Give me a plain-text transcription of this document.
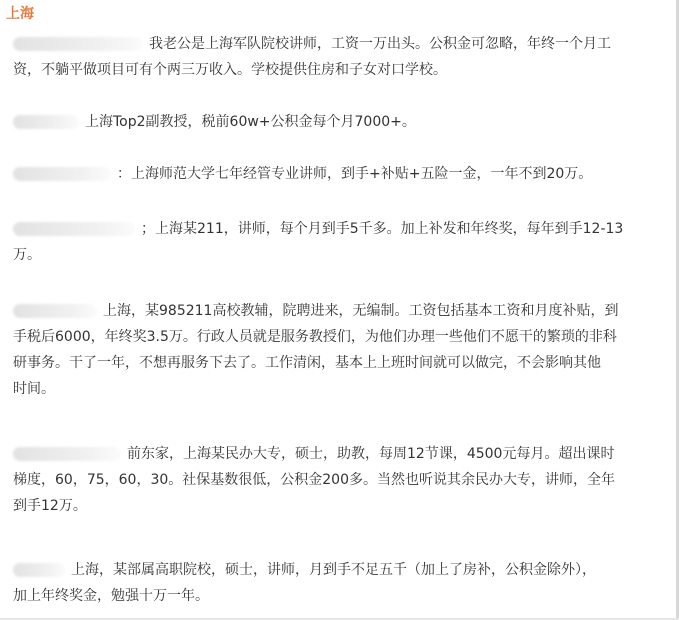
上海
我老公是上海军队院校讲师，工资一万出头。公积金可忽略，年终一个月工
资，不躺平做项目可有个两三万收入。学校提供住房和子女对口学校。
上海Top2副教授，税前60w+公积金每个月7000+。
：上海师范大学七年经管专业讲师，到手+补贴+五险一金，一年不到20万。
；上海某211，讲师，每个月到手5千多。加上补发和年终奖，每年到手12-13
万。
上海，某985211高校教辅，院聘进来，无编制。工资包括基本工资和月度补贴，到
手税后6000，年终奖3.5万。行政人员就是服务教授们，为他们办理一些他们不愿干的繁琐的非科
研事务。干了一年，不想再服务下去了。工作清闲，基本上上班时间就可以做完，不会影响其他
时间。
前东家，上海某民办大专，硕士，助教，每周12节课，4500元每月。超出课时
梯度，60，75，60，30。社保基数很低，公积金200多。当然也听说其余民办大专，讲师，全年
到手12万。
上海，某部属高职院校，硕士，讲师，月到手不足五千（加上了房补，公积金除外），
加上年终奖金，勉强十万一年。
